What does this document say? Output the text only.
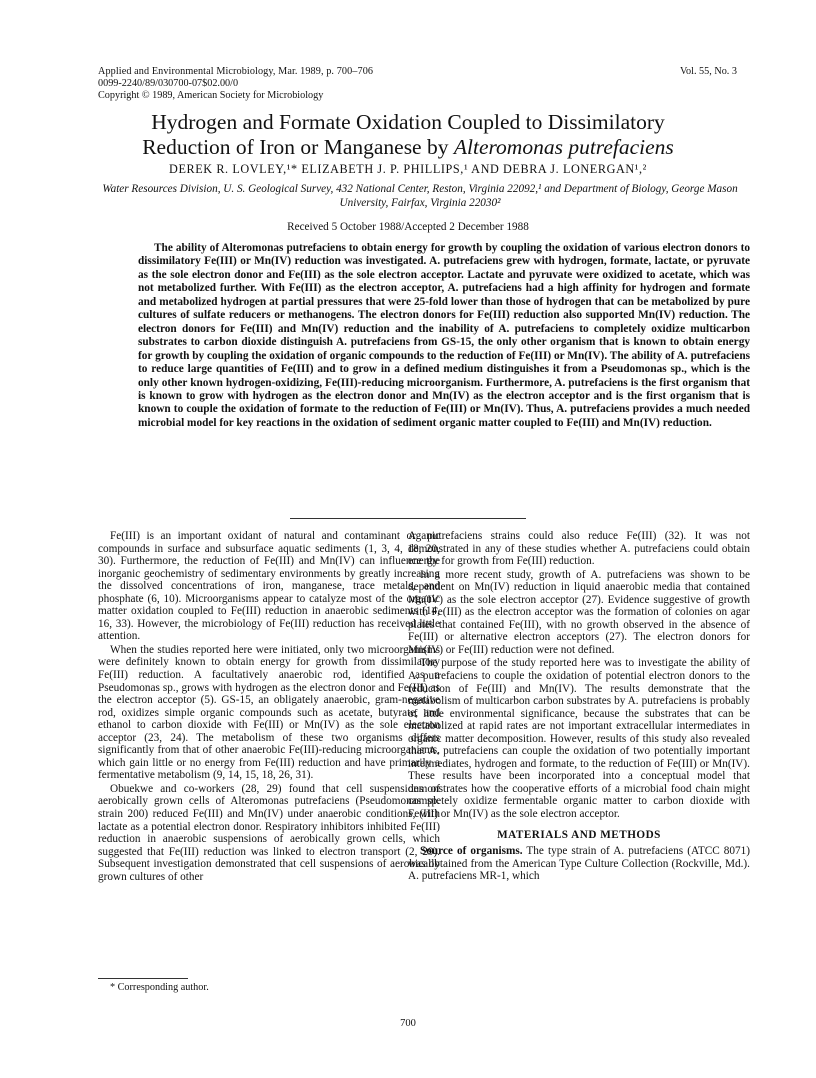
Applied and Environmental Microbiology, Mar. 1989, p. 700–706
0099-2240/89/030700-07$02.00/0
Copyright © 1989, American Society for Microbiology
Vol. 55, No. 3
Hydrogen and Formate Oxidation Coupled to Dissimilatory
Reduction of Iron or Manganese by Alteromonas putrefaciens
DEREK R. LOVLEY,¹* ELIZABETH J. P. PHILLIPS,¹ AND DEBRA J. LONERGAN¹,²
Water Resources Division, U. S. Geological Survey, 432 National Center, Reston, Virginia 22092,¹ and Department of Biology, George Mason University, Fairfax, Virginia 22030²
Received 5 October 1988/Accepted 2 December 1988

The ability of Alteromonas putrefaciens to obtain energy for growth by coupling the oxidation of various electron donors to dissimilatory Fe(III) or Mn(IV) reduction was investigated. A. putrefaciens grew with hydrogen, formate, lactate, or pyruvate as the sole electron donor and Fe(III) as the sole electron acceptor. Lactate and pyruvate were oxidized to acetate, which was not metabolized further. With Fe(III) as the electron acceptor, A. putrefaciens had a high affinity for hydrogen and formate and metabolized hydrogen at partial pressures that were 25-fold lower than those of hydrogen that can be metabolized by pure cultures of sulfate reducers or methanogens. The electron donors for Fe(III) reduction also supported Mn(IV) reduction. The electron donors for Fe(III) and Mn(IV) reduction and the inability of A. putrefaciens to completely oxidize multicarbon substrates to carbon dioxide distinguish A. putrefaciens from GS-15, the only other organism that is known to obtain energy for growth by coupling the oxidation of organic compounds to the reduction of Fe(III) or Mn(IV). The ability of A. putrefaciens to reduce large quantities of Fe(III) and to grow in a defined medium distinguishes it from a Pseudomonas sp., which is the only other known hydrogen-oxidizing, Fe(III)-reducing microorganism. Furthermore, A. putrefaciens is the first organism that is known to grow with hydrogen as the electron donor and Mn(IV) as the electron acceptor and is the first organism that is known to couple the oxidation of formate to the reduction of Fe(III) or Mn(IV). Thus, A. putrefaciens provides a much needed microbial model for key reactions in the oxidation of sediment organic matter coupled to Fe(III) and Mn(IV) reduction.

Fe(III) is an important oxidant of natural and contaminant organic compounds in surface and subsurface aquatic sediments (1, 3, 4, 18, 20, 30). Furthermore, the reduction of Fe(III) and Mn(IV) can influence the inorganic geochemistry of sedimentary environments by greatly increasing the dissolved concentrations of iron, manganese, trace metals, and phosphate (6, 10). Microorganisms appear to catalyze most of the organic matter oxidation coupled to Fe(III) reduction in anaerobic sediments (14, 16, 33). However, the microbiology of Fe(III) reduction has received little attention.

When the studies reported here were initiated, only two microorganisms were definitely known to obtain energy for growth from dissimilatory Fe(III) reduction. A facultatively anaerobic rod, identified as a Pseudomonas sp., grows with hydrogen as the electron donor and Fe(III) as the electron acceptor (5). GS-15, an obligately anaerobic, gram-negative rod, oxidizes simple organic compounds such as acetate, butyrate, and ethanol to carbon dioxide with Fe(III) or Mn(IV) as the sole electron acceptor (23, 24). The metabolism of these two organisms differs significantly from that of other anaerobic Fe(III)-reducing microorganisms, which gain little or no energy from Fe(III) reduction and have primarily a fermentative metabolism (9, 14, 15, 18, 26, 31).

Obuekwe and co-workers (28, 29) found that cell suspensions of aerobically grown cells of Alteromonas putrefaciens (Pseudomonas sp. strain 200) reduced Fe(III) and Mn(IV) under anaerobic conditions, with lactate as a potential electron donor. Respiratory inhibitors inhibited Fe(III) reduction in anaerobic suspensions of aerobically grown cells, which suggested that Fe(III) reduction was linked to electron transport (2, 29). Subsequent investigation demonstrated that cell suspensions of aerobically grown cultures of other

A. putrefaciens strains could also reduce Fe(III) (32). It was not demonstrated in any of these studies whether A. putrefaciens could obtain energy for growth from Fe(III) reduction.

In a more recent study, growth of A. putrefaciens was shown to be dependent on Mn(IV) reduction in liquid anaerobic media that contained Mn(IV) as the sole electron acceptor (27). Evidence suggestive of growth with Fe(III) as the electron acceptor was the formation of colonies on agar plates that contained Fe(III), with no growth observed in the absence of Fe(III) or alternative electron acceptors (27). The electron donors for Mn(IV) or Fe(III) reduction were not defined.

The purpose of the study reported here was to investigate the ability of A. putrefaciens to couple the oxidation of potential electron donors to the reduction of Fe(III) and Mn(IV). The results demonstrate that the metabolism of multicarbon carbon substrates by A. putrefaciens is probably of little environmental significance, because the substrates that can be metabolized at rapid rates are not important extracellular intermediates in organic matter decomposition. However, results of this study also revealed that A. putrefaciens can couple the oxidation of two potentially important intermediates, hydrogen and formate, to the reduction of Fe(III) or Mn(IV). These results have been incorporated into a conceptual model that demonstrates how the cooperative efforts of a microbial food chain might completely oxidize fermentable organic matter to carbon dioxide with Fe(III) or Mn(IV) as the sole electron acceptor.

MATERIALS AND METHODS

Source of organisms. The type strain of A. putrefaciens (ATCC 8071) was obtained from the American Type Culture Collection (Rockville, Md.). A. putrefaciens MR-1, which

* Corresponding author.
700
